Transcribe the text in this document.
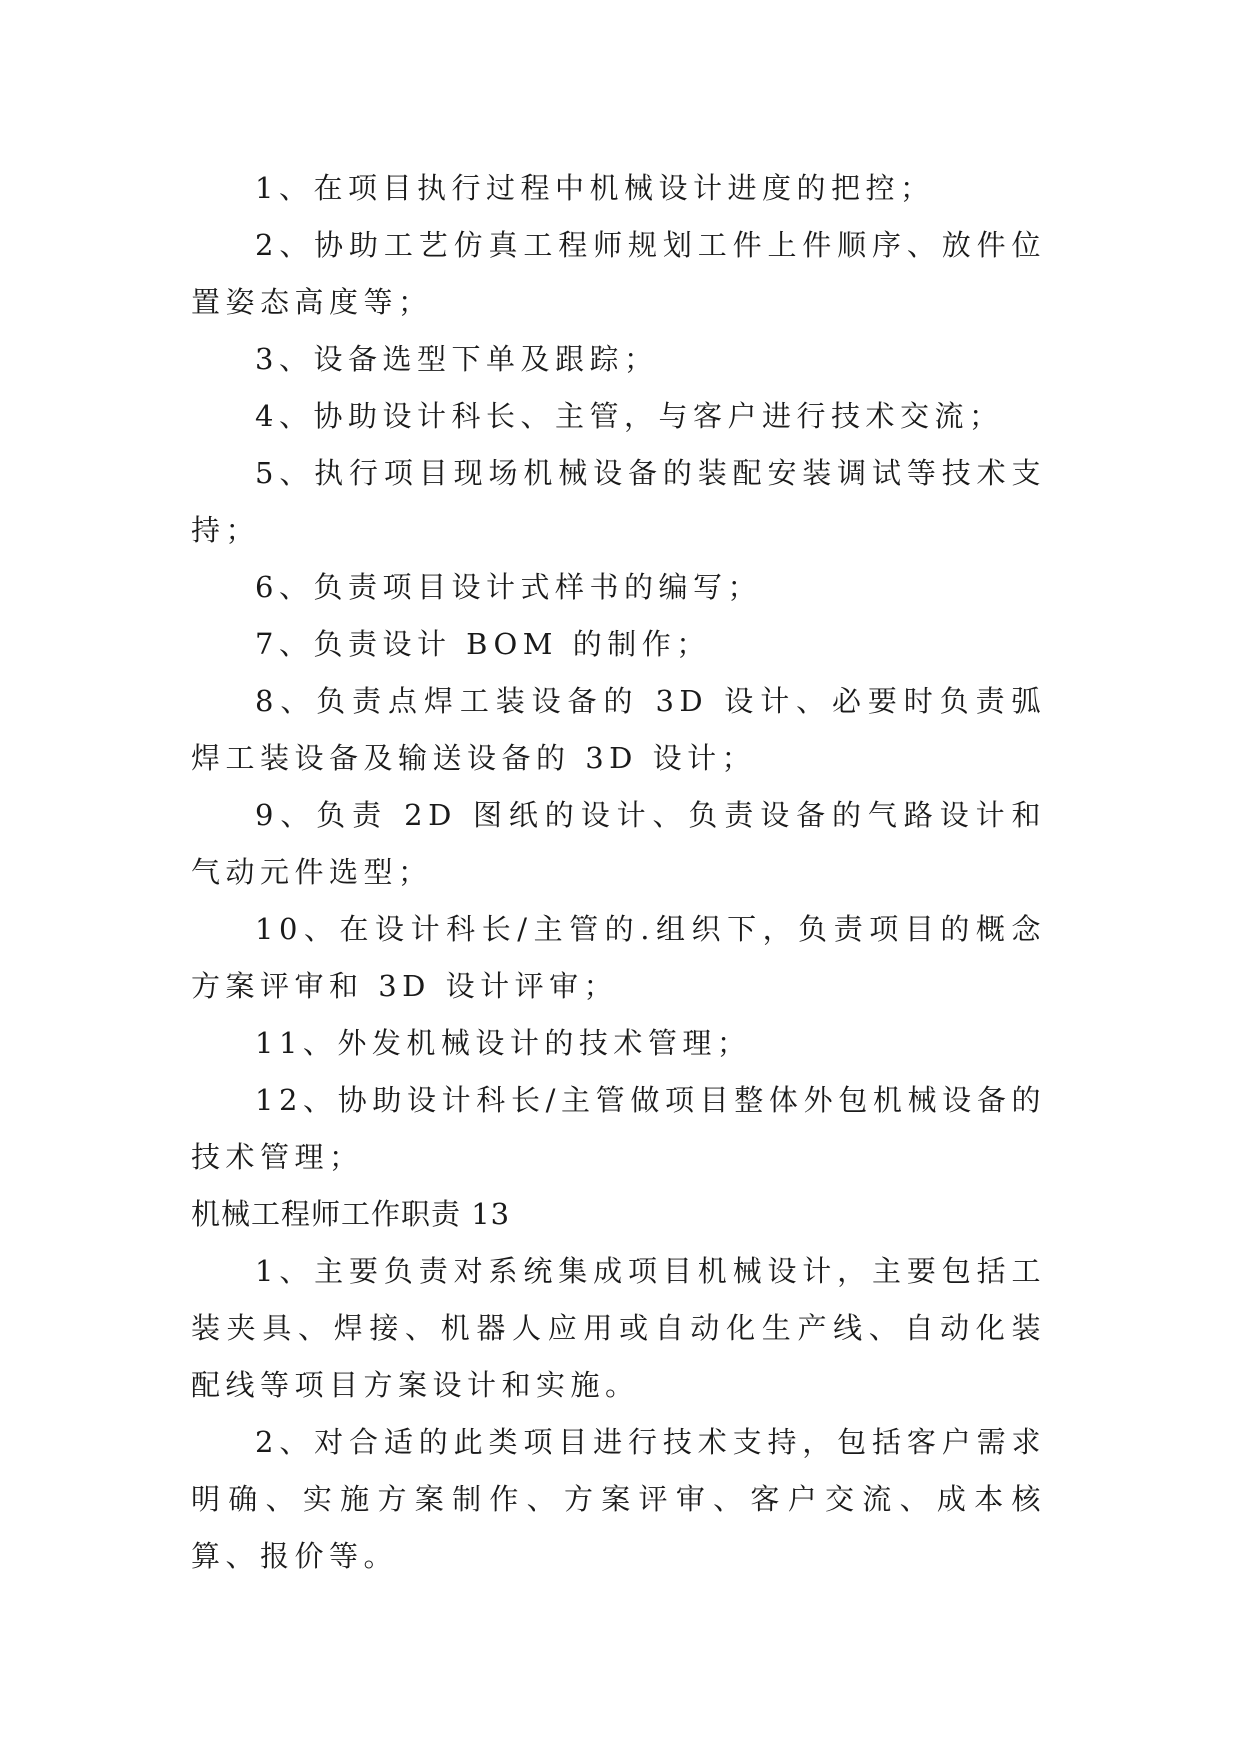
1、在项目执行过程中机械设计进度的把控；

2、协助工艺仿真工程师规划工件上件顺序、放件位置姿态高度等；

3、设备选型下单及跟踪；

4、协助设计科长、主管，与客户进行技术交流；

5、执行项目现场机械设备的装配安装调试等技术支持；

6、负责项目设计式样书的编写；

7、负责设计 BOM 的制作；

8、负责点焊工装设备的 3D 设计、必要时负责弧焊工装设备及输送设备的 3D 设计；

9、负责 2D 图纸的设计、负责设备的气路设计和气动元件选型；

10、在设计科长/主管的.组织下，负责项目的概念方案评审和 3D 设计评审；

11、外发机械设计的技术管理；

12、协助设计科长/主管做项目整体外包机械设备的技术管理；

机械工程师工作职责 13

1、主要负责对系统集成项目机械设计，主要包括工装夹具、焊接、机器人应用或自动化生产线、自动化装配线等项目方案设计和实施。

2、对合适的此类项目进行技术支持，包括客户需求明确、实施方案制作、方案评审、客户交流、成本核算、报价等。
